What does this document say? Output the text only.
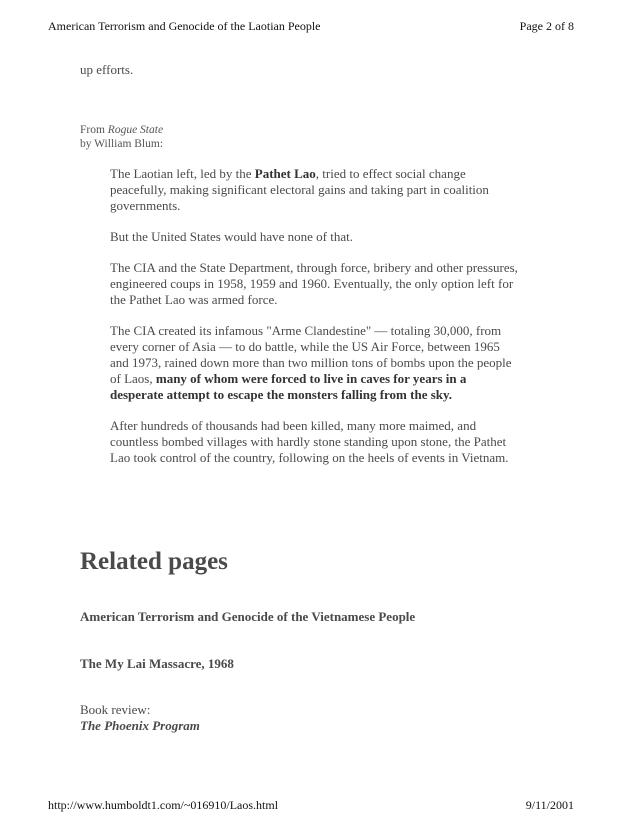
American Terrorism and Genocide of the Laotian People	Page 2 of 8
up efforts.
From Rogue State
by William Blum:

The Laotian left, led by the Pathet Lao, tried to effect social change peacefully, making significant electoral gains and taking part in coalition governments.

But the United States would have none of that.

The CIA and the State Department, through force, bribery and other pressures, engineered coups in 1958, 1959 and 1960. Eventually, the only option left for the Pathet Lao was armed force.

The CIA created its infamous "Arme Clandestine" — totaling 30,000, from every corner of Asia — to do battle, while the US Air Force, between 1965 and 1973, rained down more than two million tons of bombs upon the people of Laos, many of whom were forced to live in caves for years in a desperate attempt to escape the monsters falling from the sky.

After hundreds of thousands had been killed, many more maimed, and countless bombed villages with hardly stone standing upon stone, the Pathet Lao took control of the country, following on the heels of events in Vietnam.

Related pages
American Terrorism and Genocide of the Vietnamese People
The My Lai Massacre, 1968
Book review:
The Phoenix Program
http://www.humboldt1.com/~016910/Laos.html	9/11/2001
